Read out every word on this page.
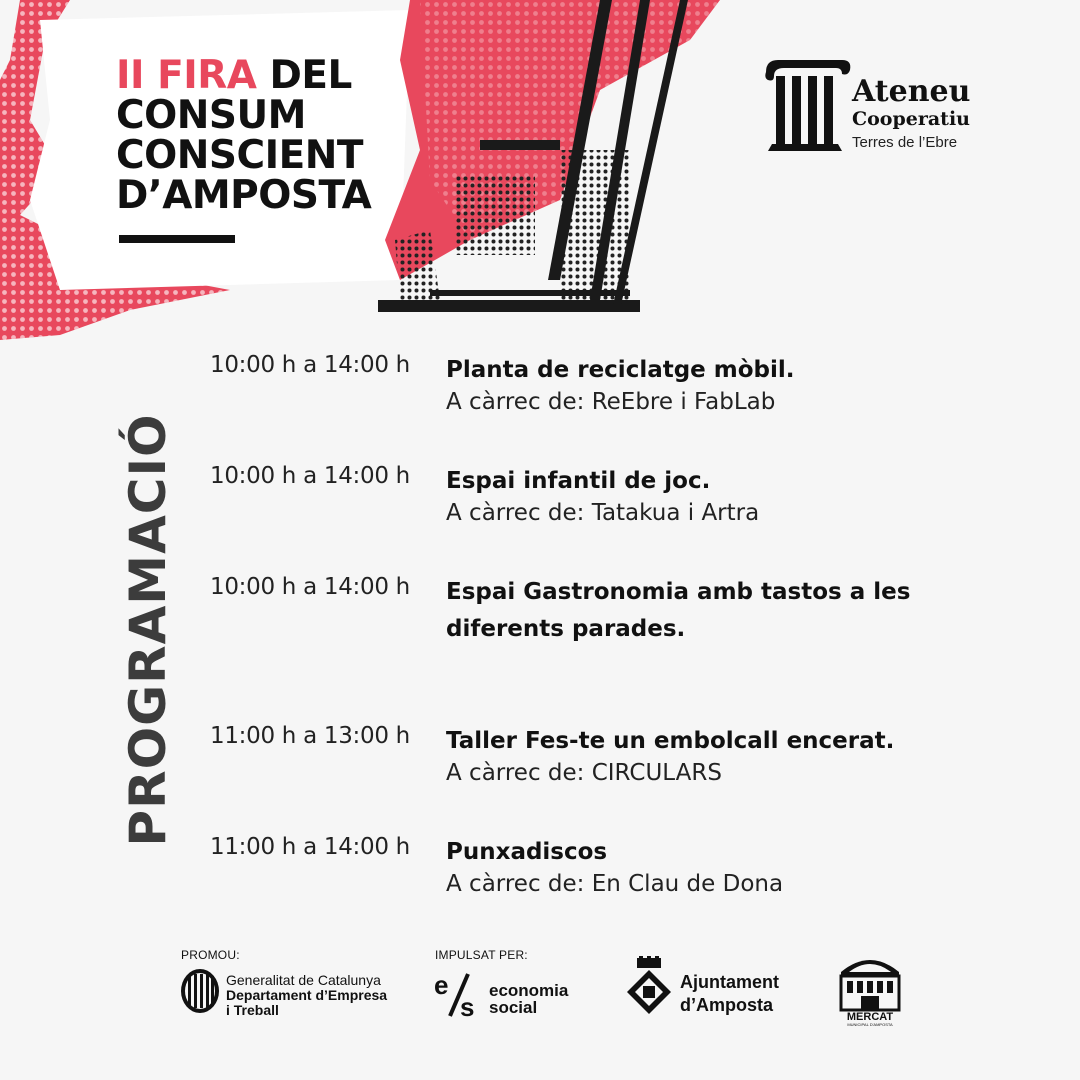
II FIRA DEL
CONSUM
CONSCIENT
D’AMPOSTA
Ateneu
Cooperatiu
Terres de l’Ebre
PROGRAMACIÓ
10:00 h a 14:00 h Planta de reciclatge mòbil.
A càrrec de: ReEbre i FabLab
10:00 h a 14:00 h Espai infantil de joc.
A càrrec de: Tatakua i Artra
10:00 h a 14:00 h Espai Gastronomia amb tastos a les diferents parades.
11:00 h a 13:00 h Taller Fes-te un embolcall encerat.
A càrrec de: CIRCULARS
11:00 h a 14:00 h Punxadiscos
A càrrec de: En Clau de Dona
PROMOU:	IMPULSAT PER:
Generalitat de Catalunya
Departament d’Empresa
i Treball
e
s
economia
social
Ajuntament
d’Amposta
MERCAT
MUNICIPAL D'AMPOSTA
